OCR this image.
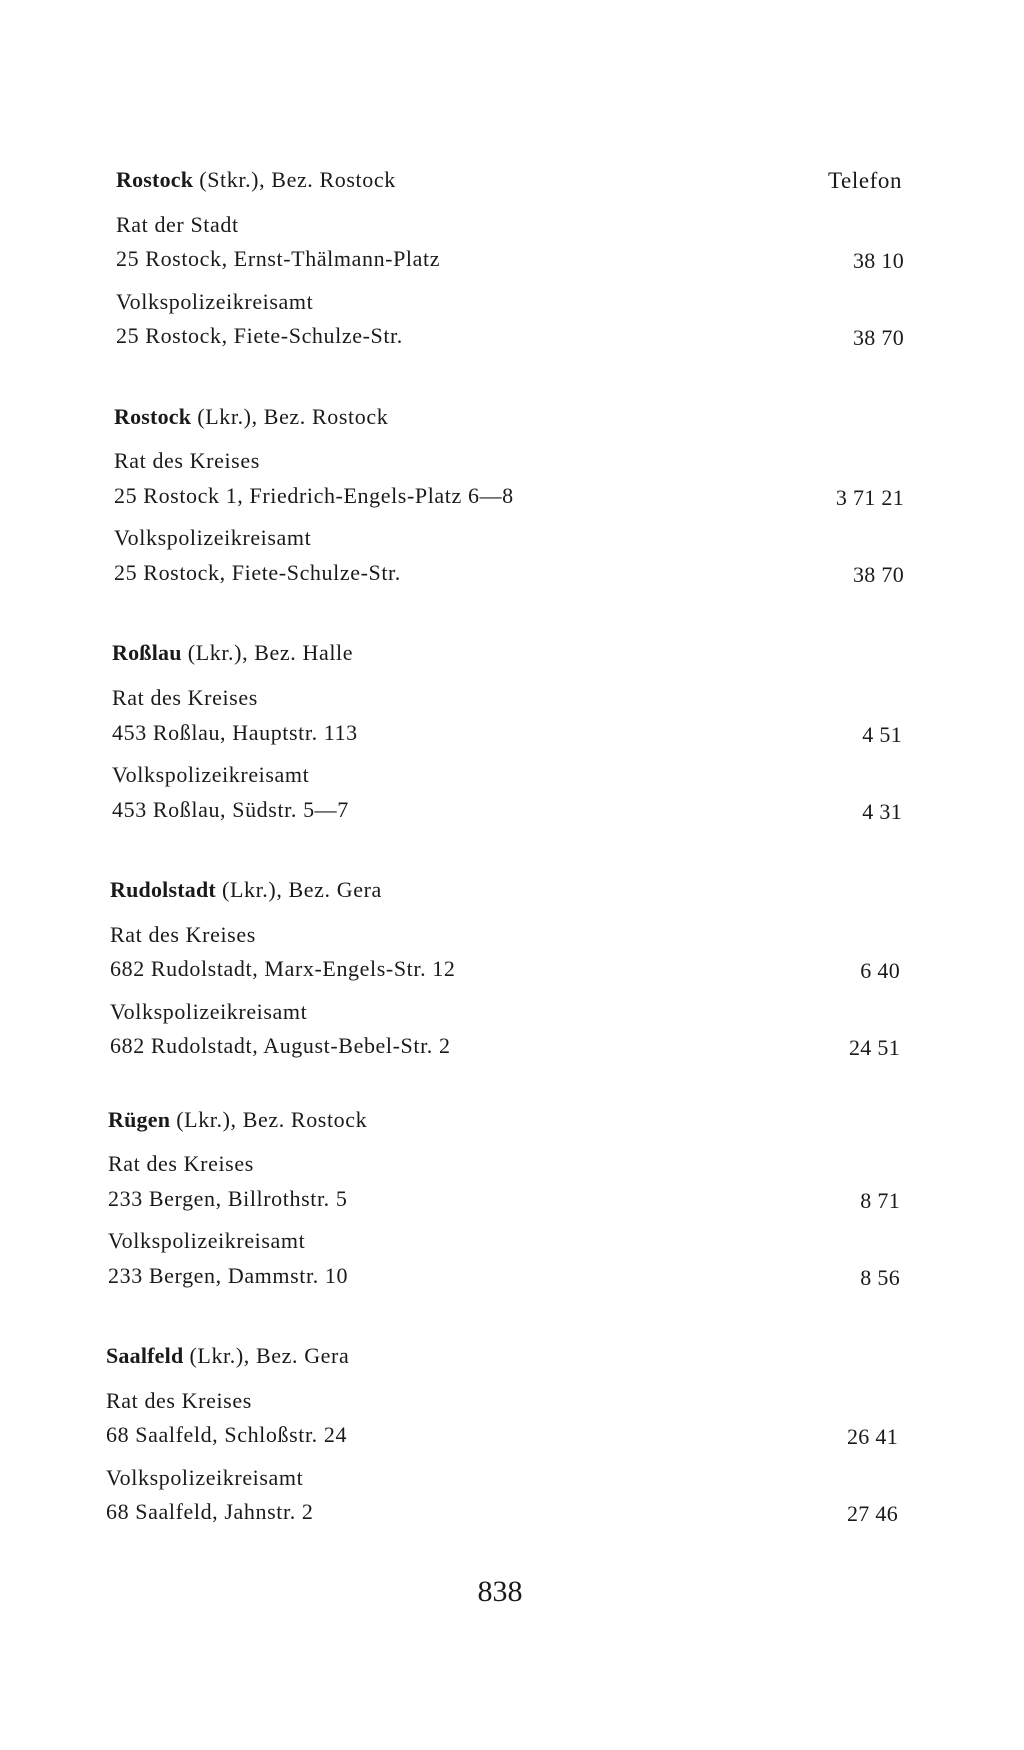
Telefon
Rostock (Stkr.), Bez. Rostock
Rat der Stadt
25 Rostock, Ernst-Thälmann-Platz	38 10
Volkspolizeikreisamt
25 Rostock, Fiete-Schulze-Str.	38 70
Rostock (Lkr.), Bez. Rostock
Rat des Kreises
25 Rostock 1, Friedrich-Engels-Platz 6—8	3 71 21
Volkspolizeikreisamt
25 Rostock, Fiete-Schulze-Str.	38 70
Roßlau (Lkr.), Bez. Halle
Rat des Kreises
453 Roßlau, Hauptstr. 113	4 51
Volkspolizeikreisamt
453 Roßlau, Südstr. 5—7	4 31
Rudolstadt (Lkr.), Bez. Gera
Rat des Kreises
682 Rudolstadt, Marx-Engels-Str. 12	6 40
Volkspolizeikreisamt
682 Rudolstadt, August-Bebel-Str. 2	24 51
Rügen (Lkr.), Bez. Rostock
Rat des Kreises
233 Bergen, Billrothstr. 5	8 71
Volkspolizeikreisamt
233 Bergen, Dammstr. 10	8 56
Saalfeld (Lkr.), Bez. Gera
Rat des Kreises
68 Saalfeld, Schloßstr. 24	26 41
Volkspolizeikreisamt
68 Saalfeld, Jahnstr. 2	27 46
838
